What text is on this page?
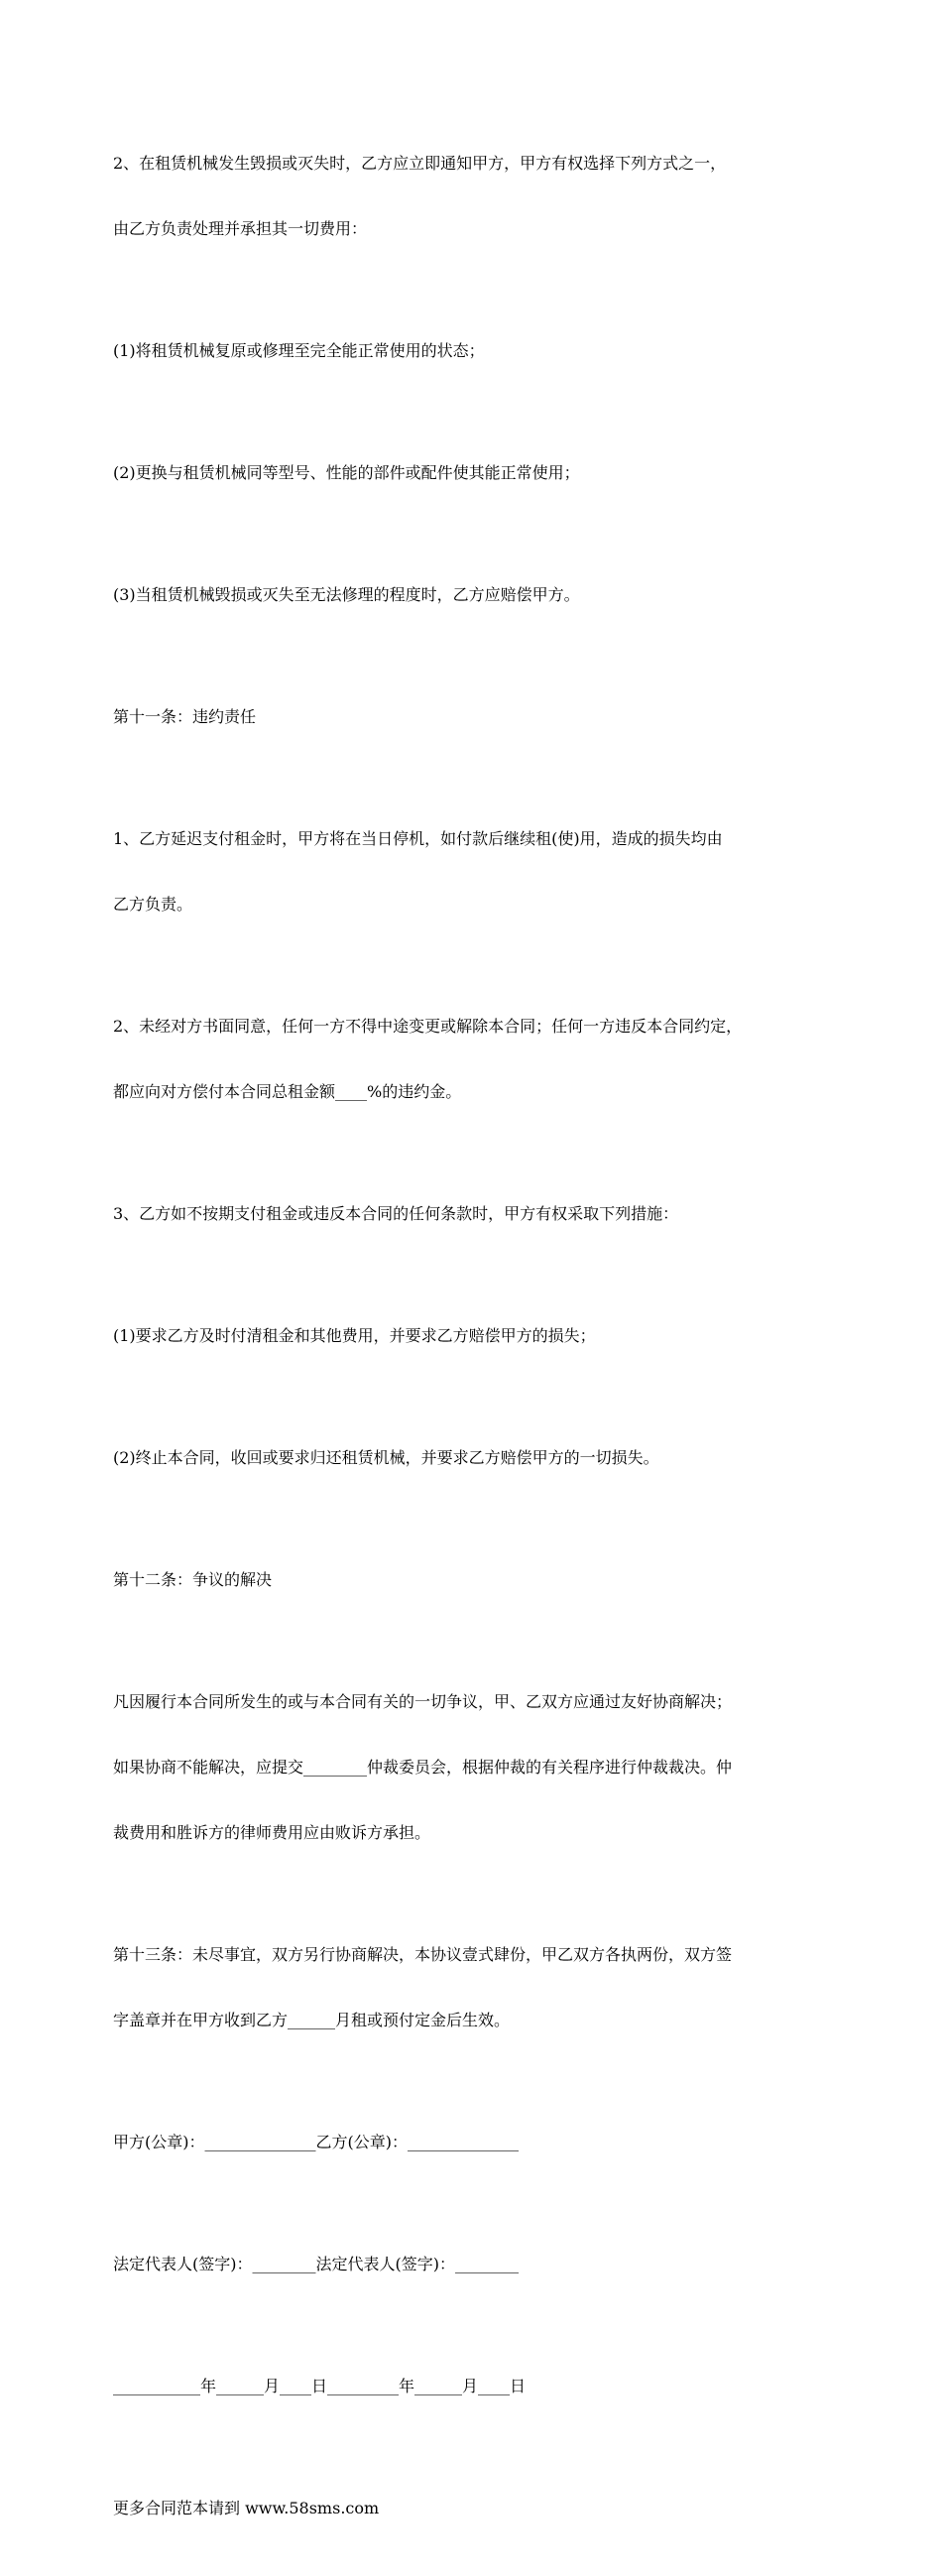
2、在租赁机械发生毁损或灭失时，乙方应立即通知甲方，甲方有权选择下列方式之一，

由乙方负责处理并承担其一切费用：

(1)将租赁机械复原或修理至完全能正常使用的状态；

(2)更换与租赁机械同等型号、性能的部件或配件使其能正常使用；

(3)当租赁机械毁损或灭失至无法修理的程度时，乙方应赔偿甲方。

第十一条：违约责任

1、乙方延迟支付租金时，甲方将在当日停机，如付款后继续租(使)用，造成的损失均由

乙方负责。

2、未经对方书面同意，任何一方不得中途变更或解除本合同；任何一方违反本合同约定，

都应向对方偿付本合同总租金额____%的违约金。

3、乙方如不按期支付租金或违反本合同的任何条款时，甲方有权采取下列措施：

(1)要求乙方及时付清租金和其他费用，并要求乙方赔偿甲方的损失；

(2)终止本合同，收回或要求归还租赁机械，并要求乙方赔偿甲方的一切损失。

第十二条：争议的解决

凡因履行本合同所发生的或与本合同有关的一切争议，甲、乙双方应通过友好协商解决；

如果协商不能解决，应提交________仲裁委员会，根据仲裁的有关程序进行仲裁裁决。仲

裁费用和胜诉方的律师费用应由败诉方承担。

第十三条：未尽事宜，双方另行协商解决，本协议壹式肆份，甲乙双方各执两份，双方签

字盖章并在甲方收到乙方______月租或预付定金后生效。

甲方(公章)：______________乙方(公章)：______________

法定代表人(签字)：________法定代表人(签字)：________

___________年______月____日_________年______月____日

更多合同范本请到 www.58sms.com
